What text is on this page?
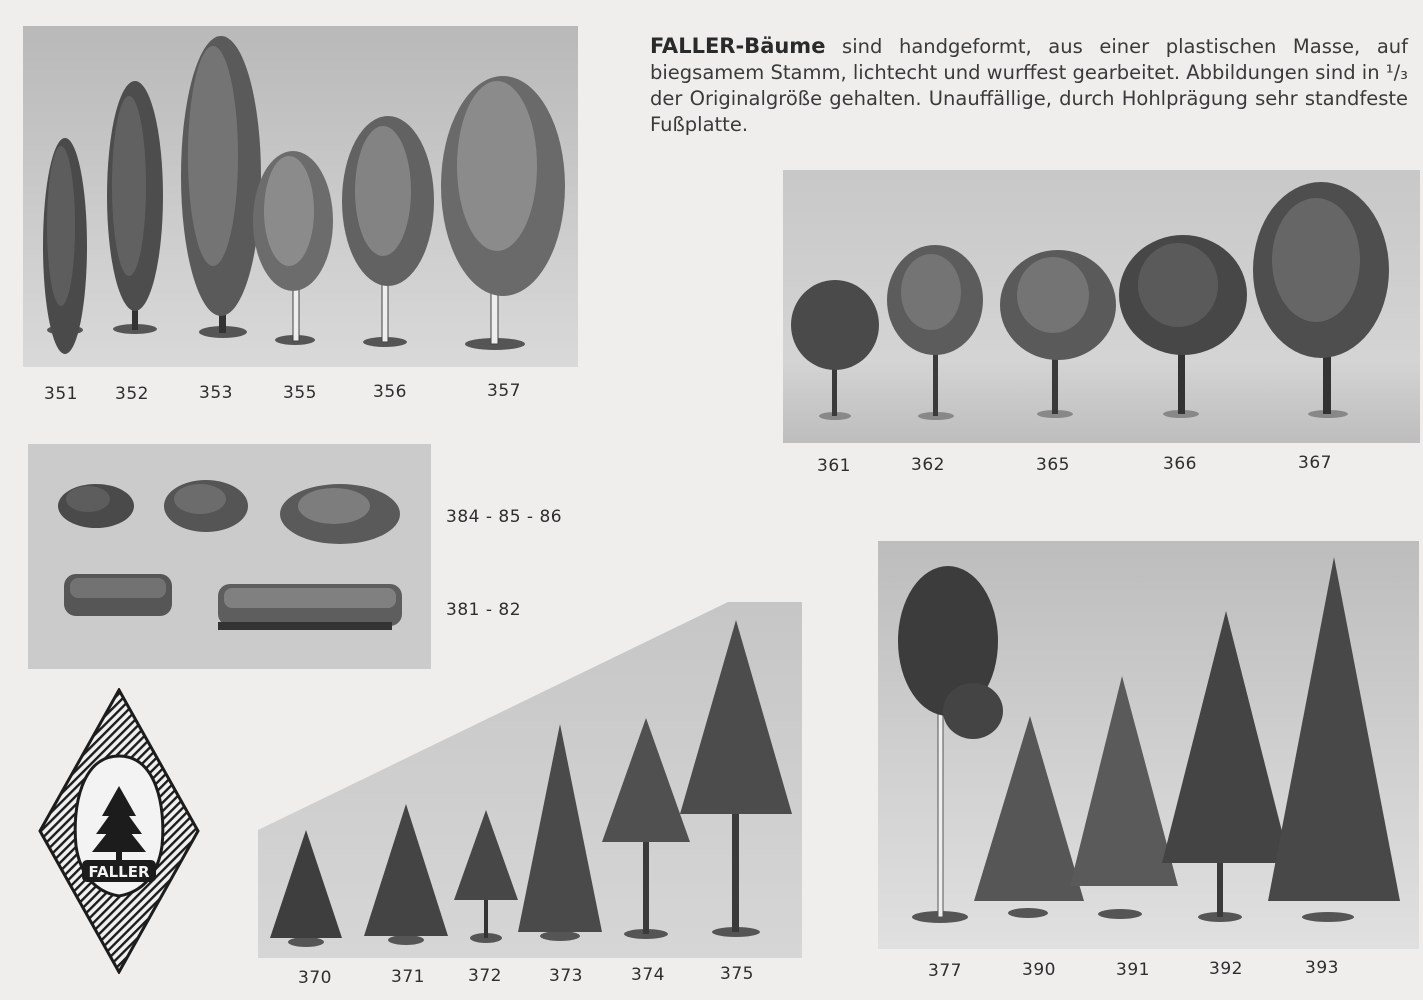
FALLER-Bäume sind handgeformt, aus einer plastischen Masse, auf biegsamem Stamm, lichtecht und wurffest gearbeitet. Abbildungen sind in ¹/₃ der Originalgröße gehalten. Unauffällige, durch Hohlprägung sehr standfeste Fußplatte.
351 352	353	355	356	357
361	362	365	366	367
384 - 85 - 86
381 - 82
370	371	372	373	374	375	377	390	391	392	393
FALLER
